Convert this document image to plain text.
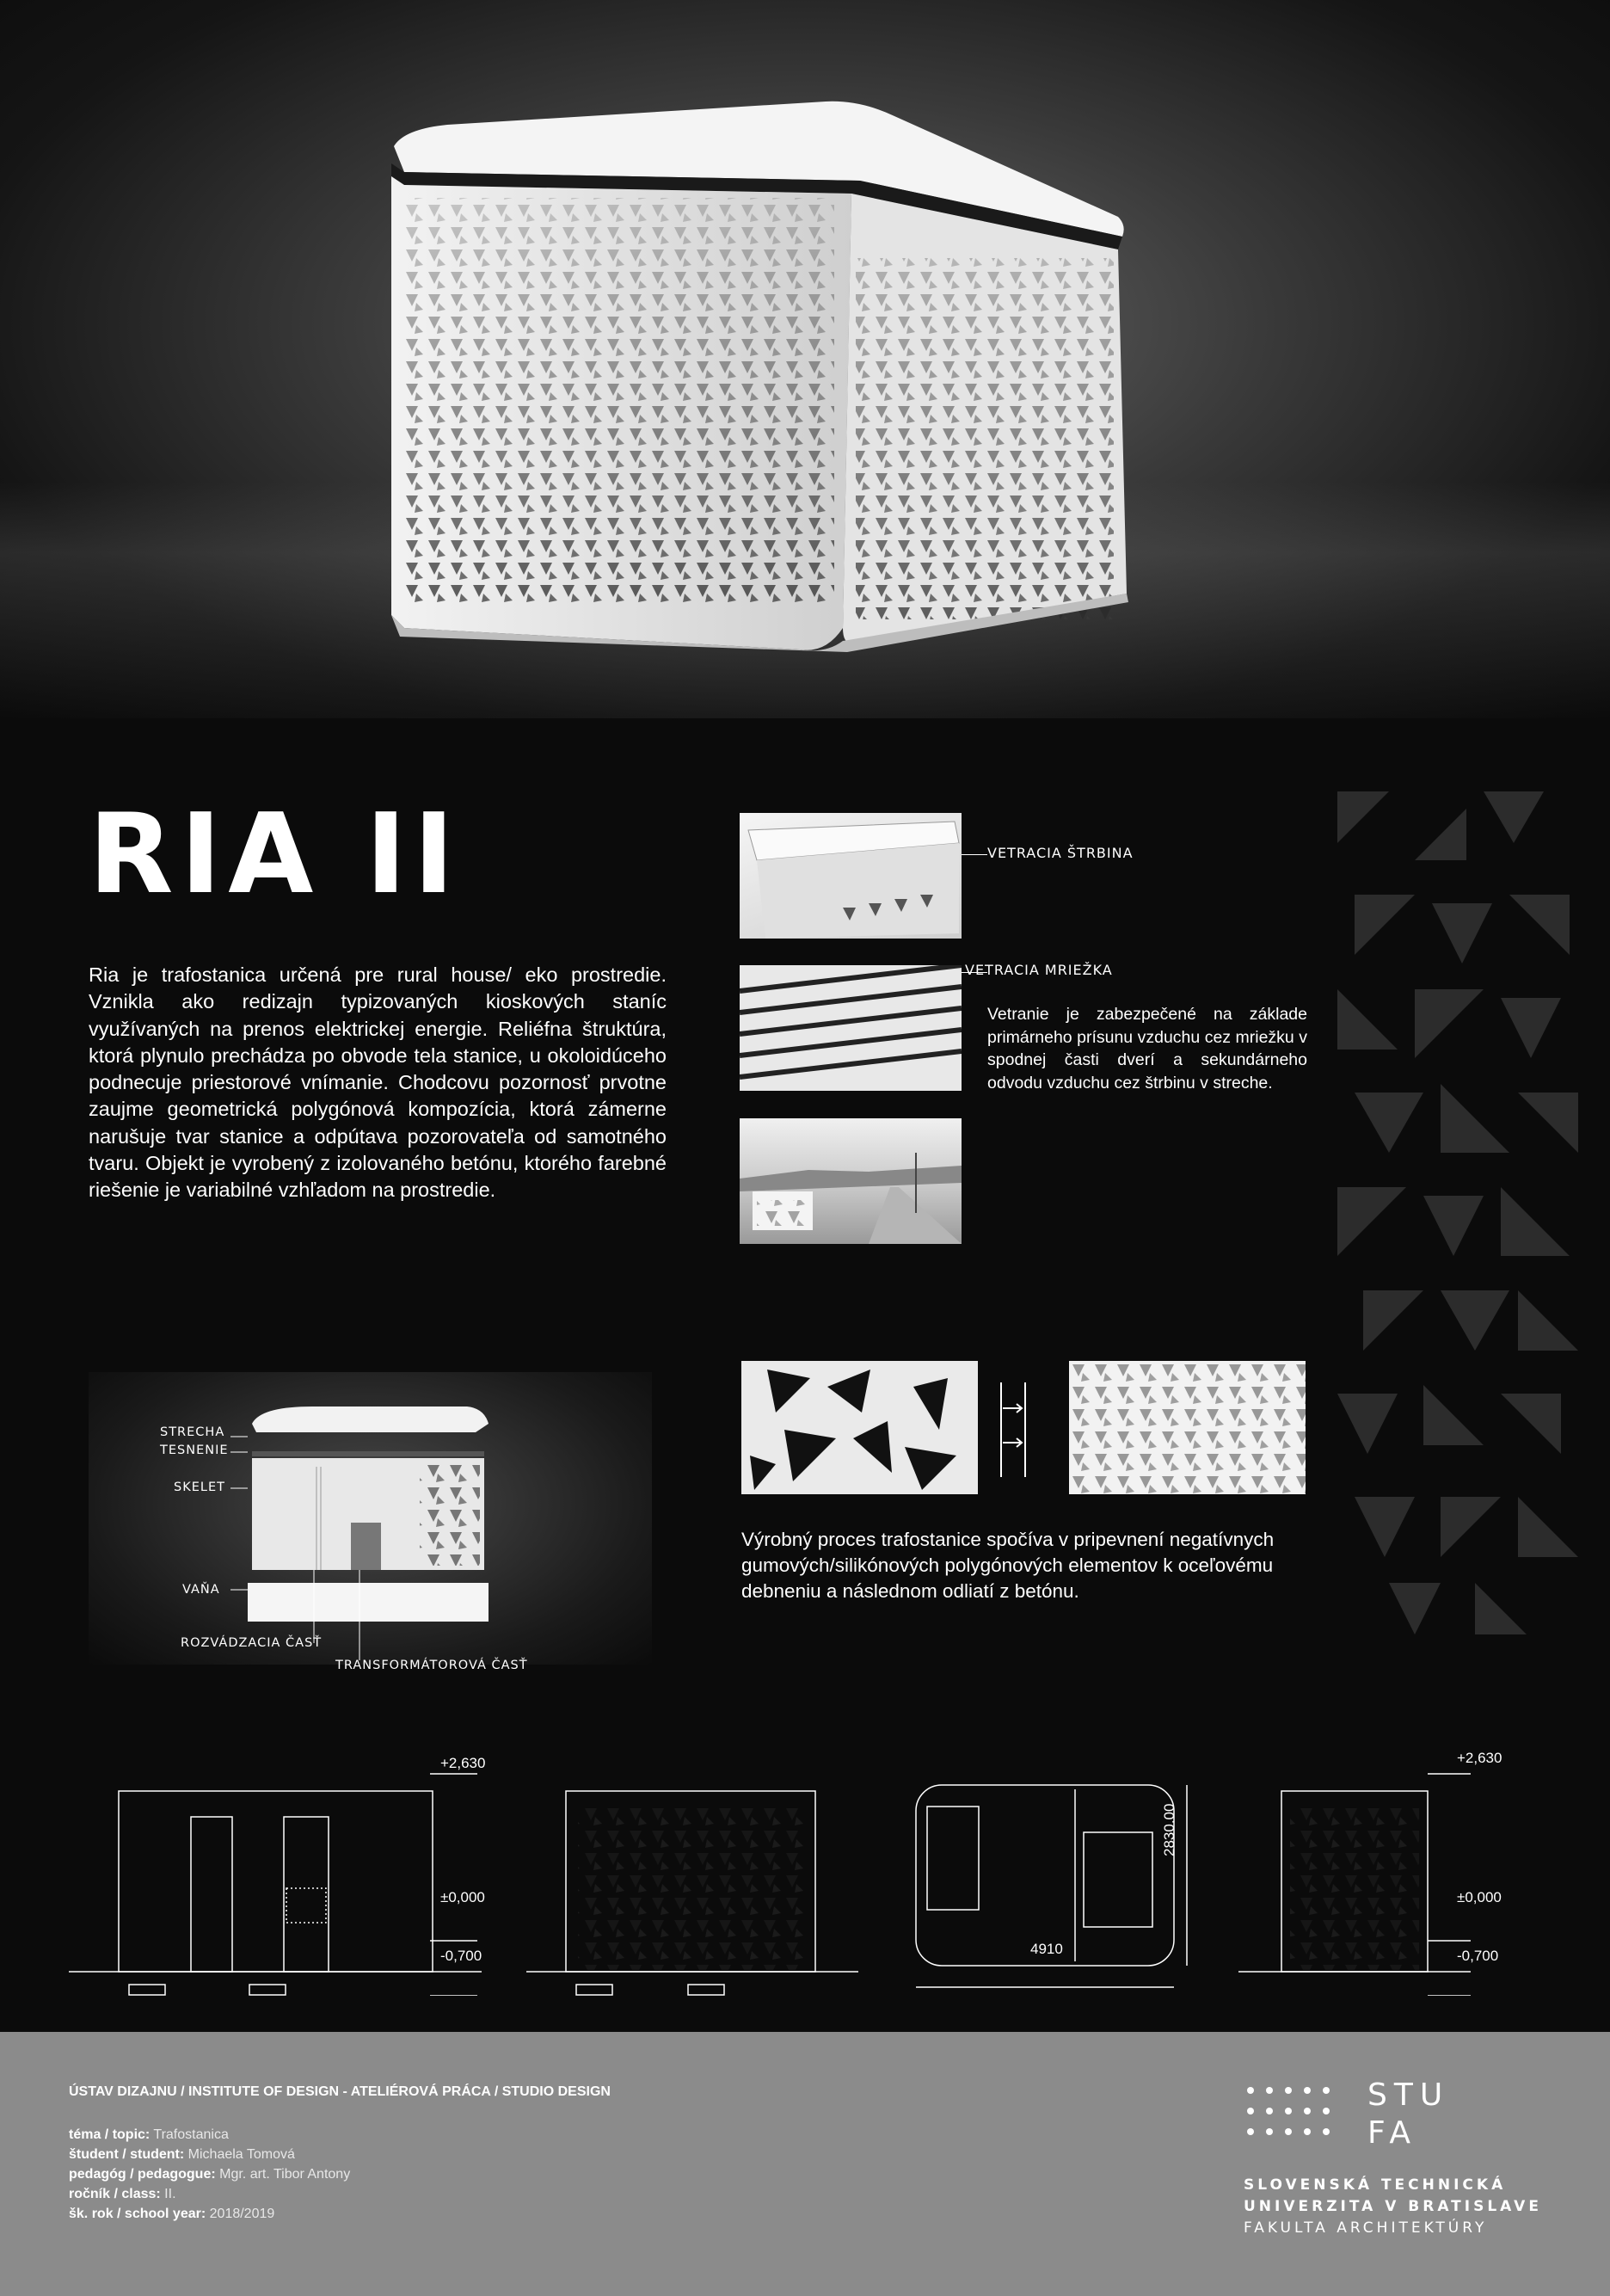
RIA II
Ria je trafostanica určená pre rural house/ eko prostredie. Vznikla ako redizajn typizovaných kioskových staníc využívaných na prenos elektrickej energie. Reliéfna štruktúra, ktorá plynulo prechádza po obvode tela stanice, u okoloidúceho podnecuje priestorové vnímanie. Chodcovu pozornosť prvotne zaujme geometrická polygónová kompozícia, ktorá zámerne narušuje tvar stanice a odpútava pozorovateľa od samotného tvaru. Objekt je vyrobený z izolovaného betónu, ktorého farebné riešenie je variabilné vzhľadom na prostredie.
VETRACIA ŠTRBINA
VETRACIA MRIEŽKA
Vetranie je zabezpečené na základe primárneho prísunu vzduchu cez mriežku v spodnej časti dverí a sekundárneho odvodu vzduchu cez štrbinu v streche.
STRECHA
TESNENIE
SKELET
VAŇA
ROZVÁDZACIA ČASŤ
TRANSFORMÁTOROVÁ ČASŤ
Výrobný proces trafostanice spočíva v pripevnení negatívnych gumových/silikónových polygónových elementov k oceľovému debneniu a následnom odliatí z betónu.
+2,630
±0,000
-0,700	4910
2830.00
+2,630
±0,000
-0,700
ÚSTAV DIZAJNU / INSTITUTE OF DESIGN - ATELIÉROVÁ PRÁCA / STUDIO DESIGN
téma / topic: Trafostanica
študent / student: Michaela Tomová
pedagóg / pedagogue: Mgr. art. Tibor Antony
ročník / class: II.
šk. rok / school year: 2018/2019
STU
FA
SLOVENSKÁ TECHNICKÁ
UNIVERZITA V BRATISLAVE
FAKULTA ARCHITEKTÚRY
